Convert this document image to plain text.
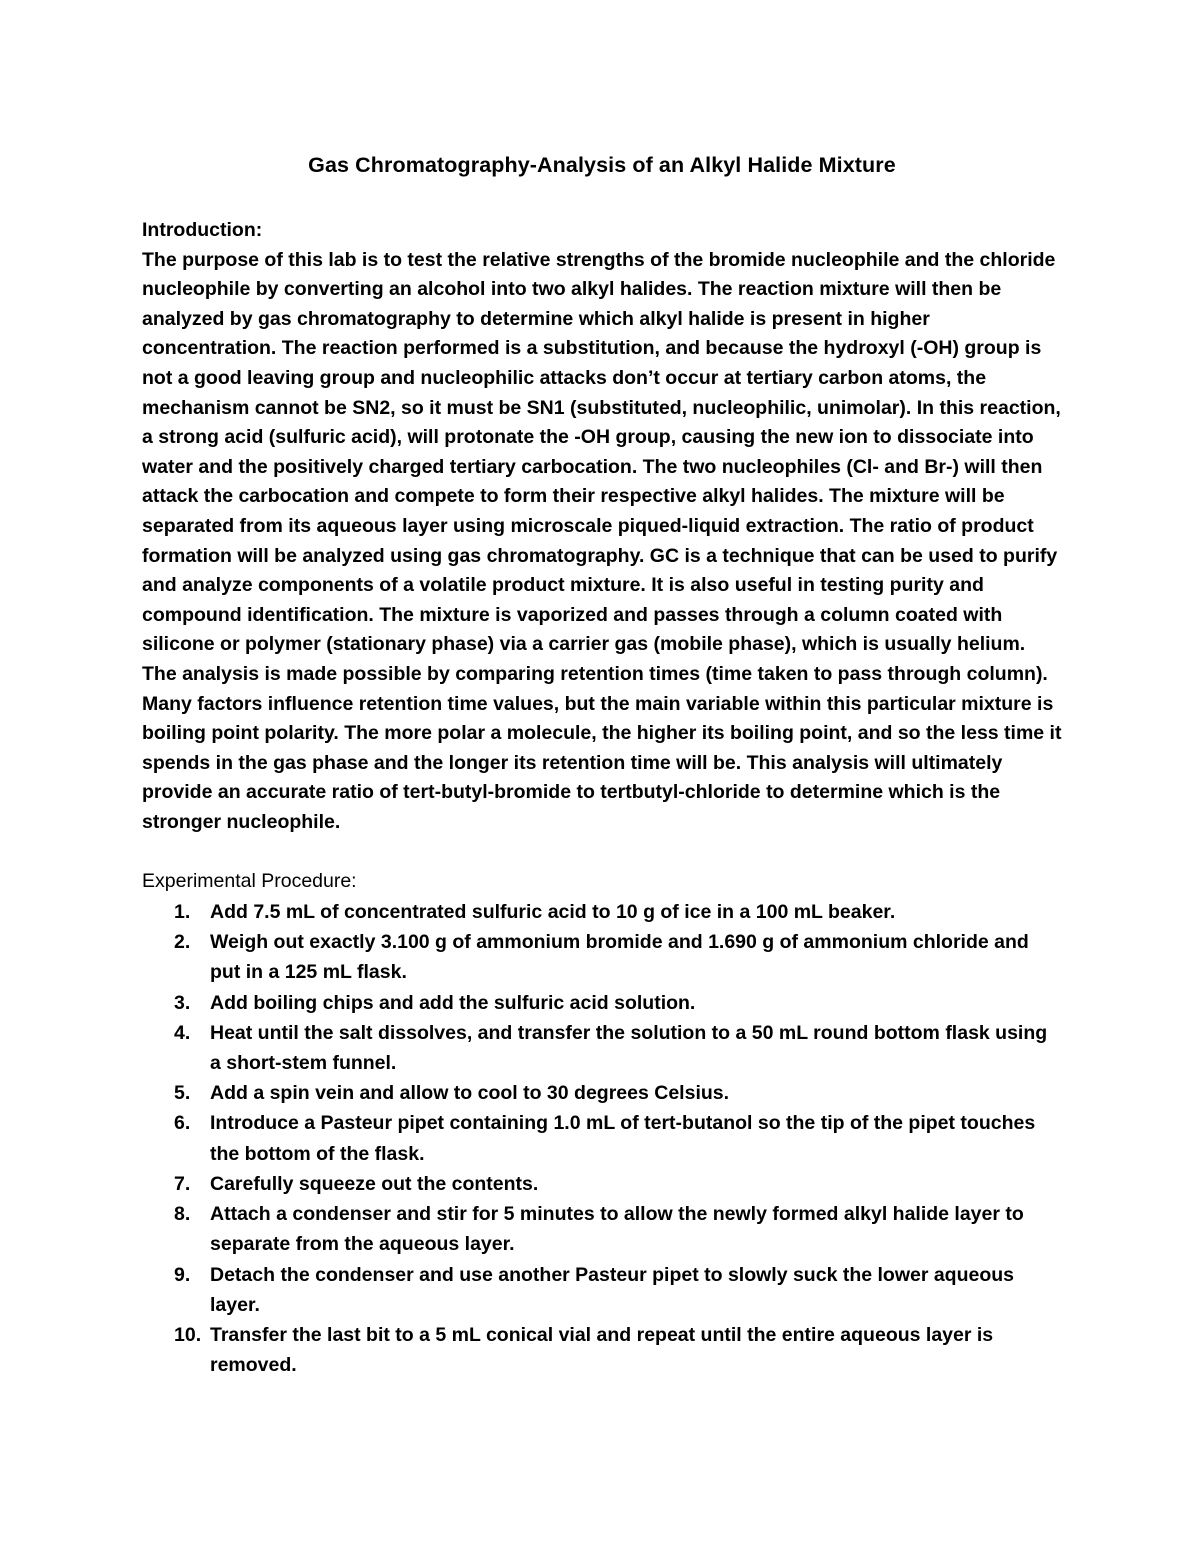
Gas Chromatography-Analysis of an Alkyl Halide Mixture

Introduction:

The purpose of this lab is to test the relative strengths of the bromide nucleophile and the chloride nucleophile by converting an alcohol into two alkyl halides. The reaction mixture will then be analyzed by gas chromatography to determine which alkyl halide is present in higher concentration. The reaction performed is a substitution, and because the hydroxyl (-OH) group is not a good leaving group and nucleophilic attacks don’t occur at tertiary carbon atoms, the mechanism cannot be SN2, so it must be SN1 (substituted, nucleophilic, unimolar). In this reaction, a strong acid (sulfuric acid), will protonate the -OH group, causing the new ion to dissociate into water and the positively charged tertiary carbocation. The two nucleophiles (Cl- and Br-) will then attack the carbocation and compete to form their respective alkyl halides. The mixture will be separated from its aqueous layer using microscale piqued-liquid extraction. The ratio of product formation will be analyzed using gas chromatography. GC is a technique that can be used to purify and analyze components of a volatile product mixture. It is also useful in testing purity and compound identification. The mixture is vaporized and passes through a column coated with silicone or polymer (stationary phase) via a carrier gas (mobile phase), which is usually helium. The analysis is made possible by comparing retention times (time taken to pass through column). Many factors influence retention time values, but the main variable within this particular mixture is boiling point polarity. The more polar a molecule, the higher its boiling point, and so the less time it spends in the gas phase and the longer its retention time will be. This analysis will ultimately provide an accurate ratio of tert-butyl-bromide to tertbutyl-chloride to determine which is the stronger nucleophile.

Experimental Procedure:

1.	Add 7.5 mL of concentrated sulfuric acid to 10 g of ice in a 100 mL beaker.
2.	Weigh out exactly 3.100 g of ammonium bromide and 1.690 g of ammonium chloride and put in a 125 mL flask.
3.	Add boiling chips and add the sulfuric acid solution.
4.	Heat until the salt dissolves, and transfer the solution to a 50 mL round bottom flask using a short-stem funnel.
5.	Add a spin vein and allow to cool to 30 degrees Celsius.
6.	Introduce a Pasteur pipet containing 1.0 mL of tert-butanol so the tip of the pipet touches the bottom of the flask.
7.	Carefully squeeze out the contents.
8.	Attach a condenser and stir for 5 minutes to allow the newly formed alkyl halide layer to separate from the aqueous layer.
9.	Detach the condenser and use another Pasteur pipet to slowly suck the lower aqueous layer.
10. Transfer the last bit to a 5 mL conical vial and repeat until the entire aqueous layer is removed.
